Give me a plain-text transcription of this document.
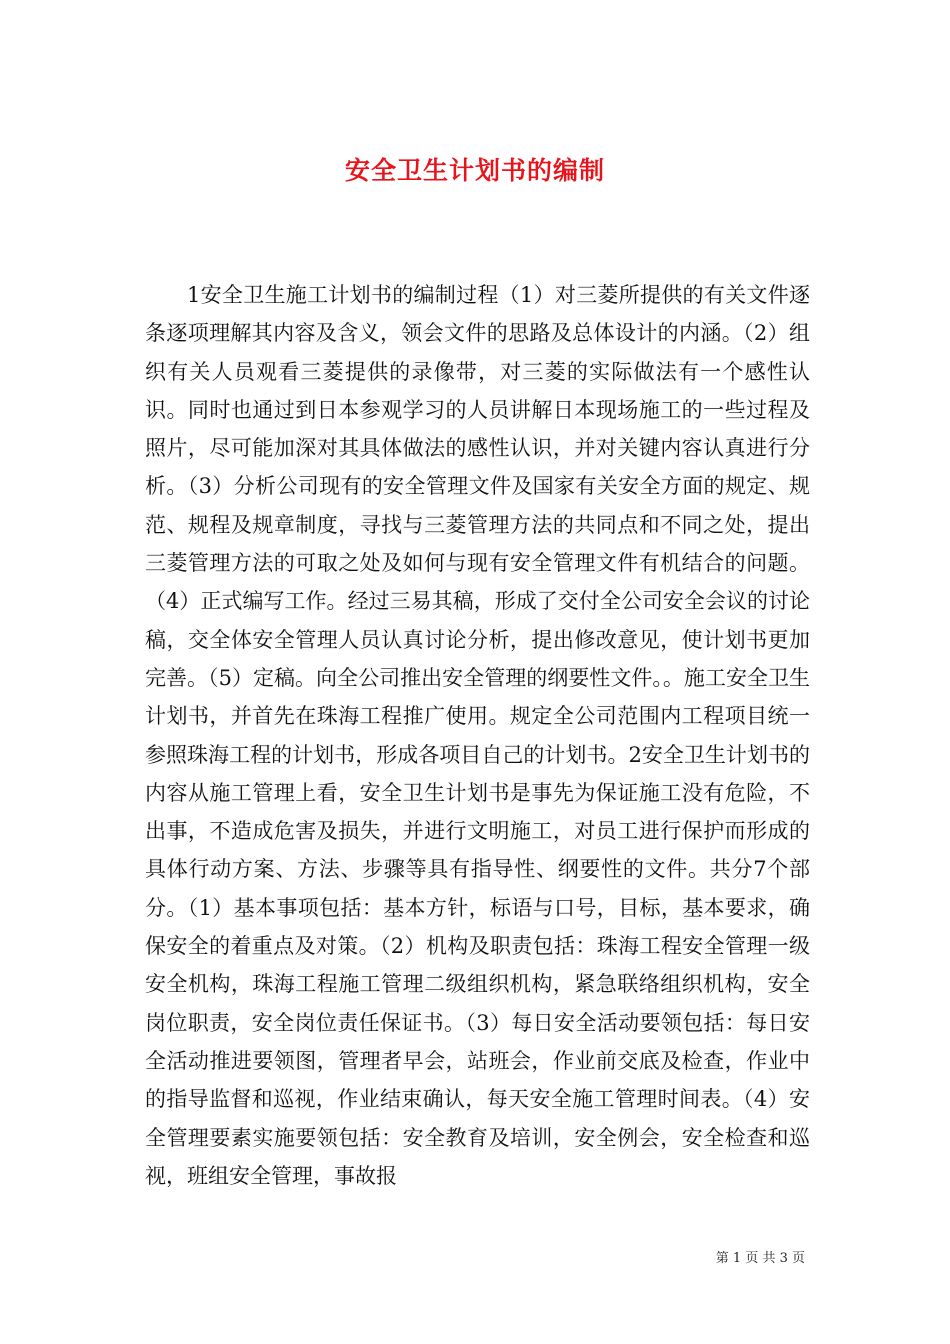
安全卫生计划书的编制

1安全卫生施工计划书的编制过程（1）对三菱所提供的有关文件逐条逐项理解其内容及含义，领会文件的思路及总体设计的内涵。（2）组织有关人员观看三菱提供的录像带，对三菱的实际做法有一个感性认识。同时也通过到日本参观学习的人员讲解日本现场施工的一些过程及照片，尽可能加深对其具体做法的感性认识，并对关键内容认真进行分析。（3）分析公司现有的安全管理文件及国家有关安全方面的规定、规范、规程及规章制度，寻找与三菱管理方法的共同点和不同之处，提出三菱管理方法的可取之处及如何与现有安全管理文件有机结合的问题。（4）正式编写工作。经过三易其稿，形成了交付全公司安全会议的讨论稿，交全体安全管理人员认真讨论分析，提出修改意见，使计划书更加完善。（5）定稿。向全公司推出安全管理的纲要性文件。。施工安全卫生计划书，并首先在珠海工程推广使用。规定全公司范围内工程项目统一参照珠海工程的计划书，形成各项目自己的计划书。2安全卫生计划书的内容从施工管理上看，安全卫生计划书是事先为保证施工没有危险，不出事，不造成危害及损失，并进行文明施工，对员工进行保护而形成的具体行动方案、方法、步骤等具有指导性、纲要性的文件。共分7个部分。（1）基本事项包括：基本方针，标语与口号，目标，基本要求，确保安全的着重点及对策。（2）机构及职责包括：珠海工程安全管理一级安全机构，珠海工程施工管理二级组织机构，紧急联络组织机构，安全岗位职责，安全岗位责任保证书。（3）每日安全活动要领包括：每日安全活动推进要领图，管理者早会，站班会，作业前交底及检查，作业中的指导监督和巡视，作业结束确认，每天安全施工管理时间表。（4）安全管理要素实施要领包括：安全教育及培训，安全例会，安全检查和巡视，班组安全管理，事故报

第 1 页 共 3 页
